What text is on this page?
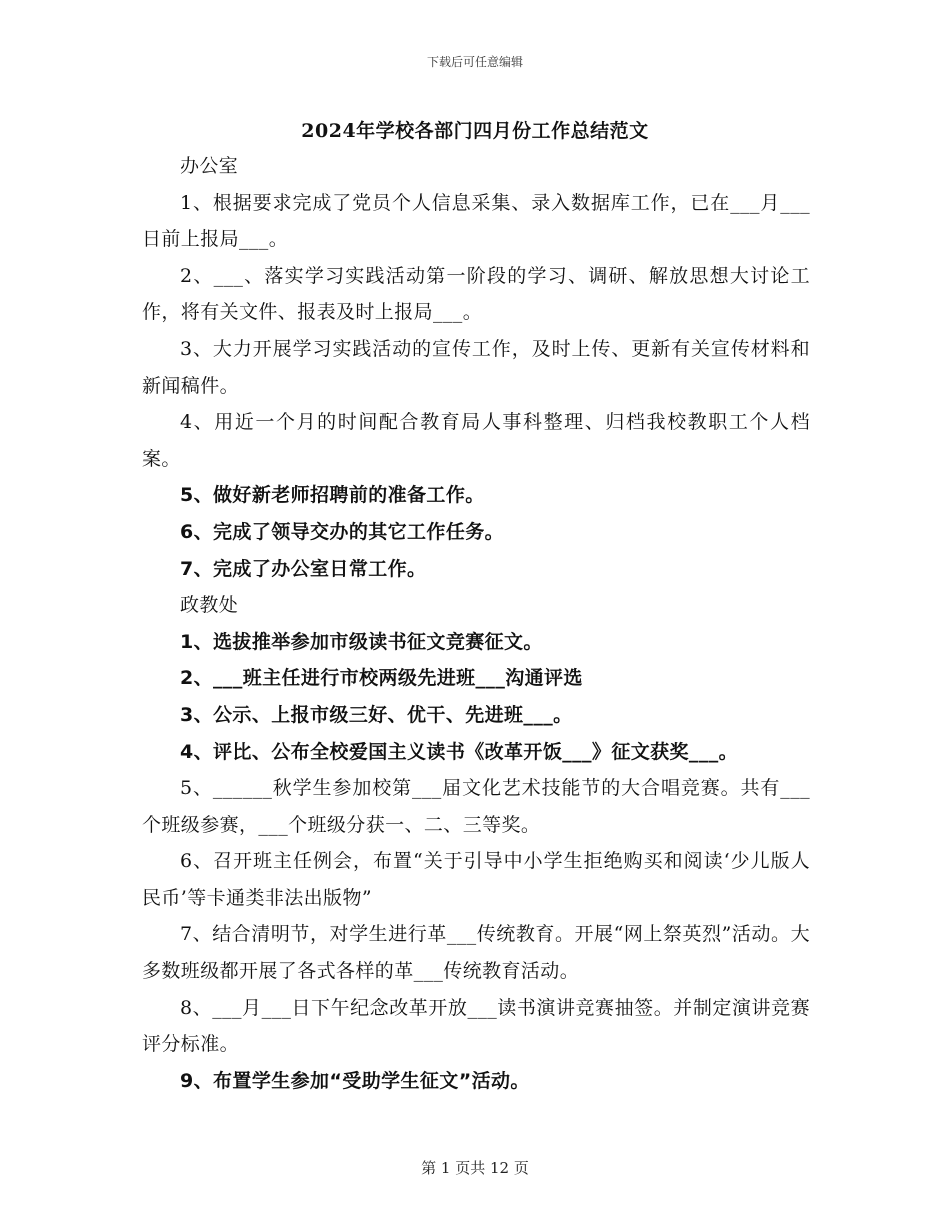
下载后可任意编辑
2024年学校各部门四月份工作总结范文

办公室

1、根据要求完成了党员个人信息采集、录入数据库工作，已在___月___日前上报局___。

2、___、落实学习实践活动第一阶段的学习、调研、解放思想大讨论工作，将有关文件、报表及时上报局___。

3、大力开展学习实践活动的宣传工作，及时上传、更新有关宣传材料和新闻稿件。

4、用近一个月的时间配合教育局人事科整理、归档我校教职工个人档案。

5、做好新老师招聘前的准备工作。

6、完成了领导交办的其它工作任务。

7、完成了办公室日常工作。

政教处

1、选拔推举参加市级读书征文竞赛征文。

2、___班主任进行市校两级先进班___沟通评选

3、公示、上报市级三好、优干、先进班___。

4、评比、公布全校爱国主义读书《改革开饭___》征文获奖___。

5、______秋学生参加校第___届文化艺术技能节的大合唱竞赛。共有___个班级参赛，___个班级分获一、二、三等奖。

6、召开班主任例会，布置“关于引导中小学生拒绝购买和阅读‘少儿版人民币’等卡通类非法出版物”

7、结合清明节，对学生进行革___传统教育。开展“网上祭英烈”活动。大多数班级都开展了各式各样的革___传统教育活动。

8、___月___日下午纪念改革开放___读书演讲竞赛抽签。并制定演讲竞赛评分标准。

9、布置学生参加“受助学生征文”活动。

第 1 页共 12 页
